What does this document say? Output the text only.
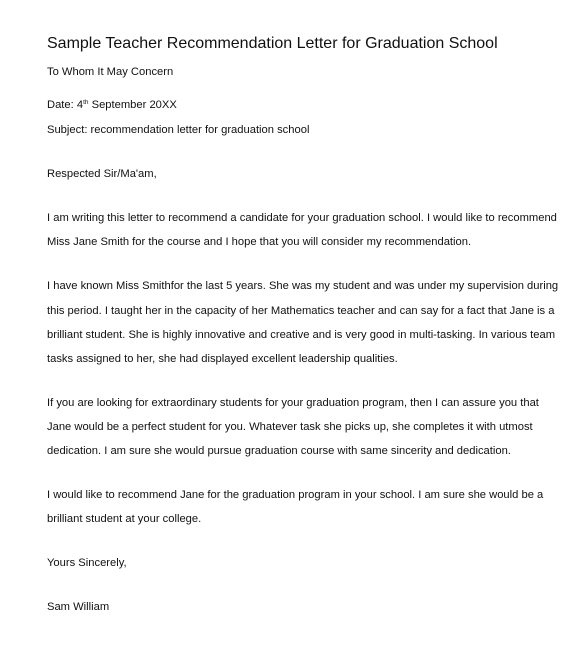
Sample Teacher Recommendation Letter for Graduation School
To Whom It May Concern
Date: 4th September 20XX
Subject: recommendation letter for graduation school
Respected Sir/Ma'am,
I am writing this letter to recommend a candidate for your graduation school. I would like to recommend
Miss Jane Smith for the course and I hope that you will consider my recommendation.
I have known Miss Smithfor the last 5 years. She was my student and was under my supervision during
this period. I taught her in the capacity of her Mathematics teacher and can say for a fact that Jane is a
brilliant student. She is highly innovative and creative and is very good in multi-tasking. In various team
tasks assigned to her, she had displayed excellent leadership qualities.
If you are looking for extraordinary students for your graduation program, then I can assure you that
Jane would be a perfect student for you. Whatever task she picks up, she completes it with utmost
dedication. I am sure she would pursue graduation course with same sincerity and dedication.
I would like to recommend Jane for the graduation program in your school. I am sure she would be a
brilliant student at your college.
Yours Sincerely,
Sam William
